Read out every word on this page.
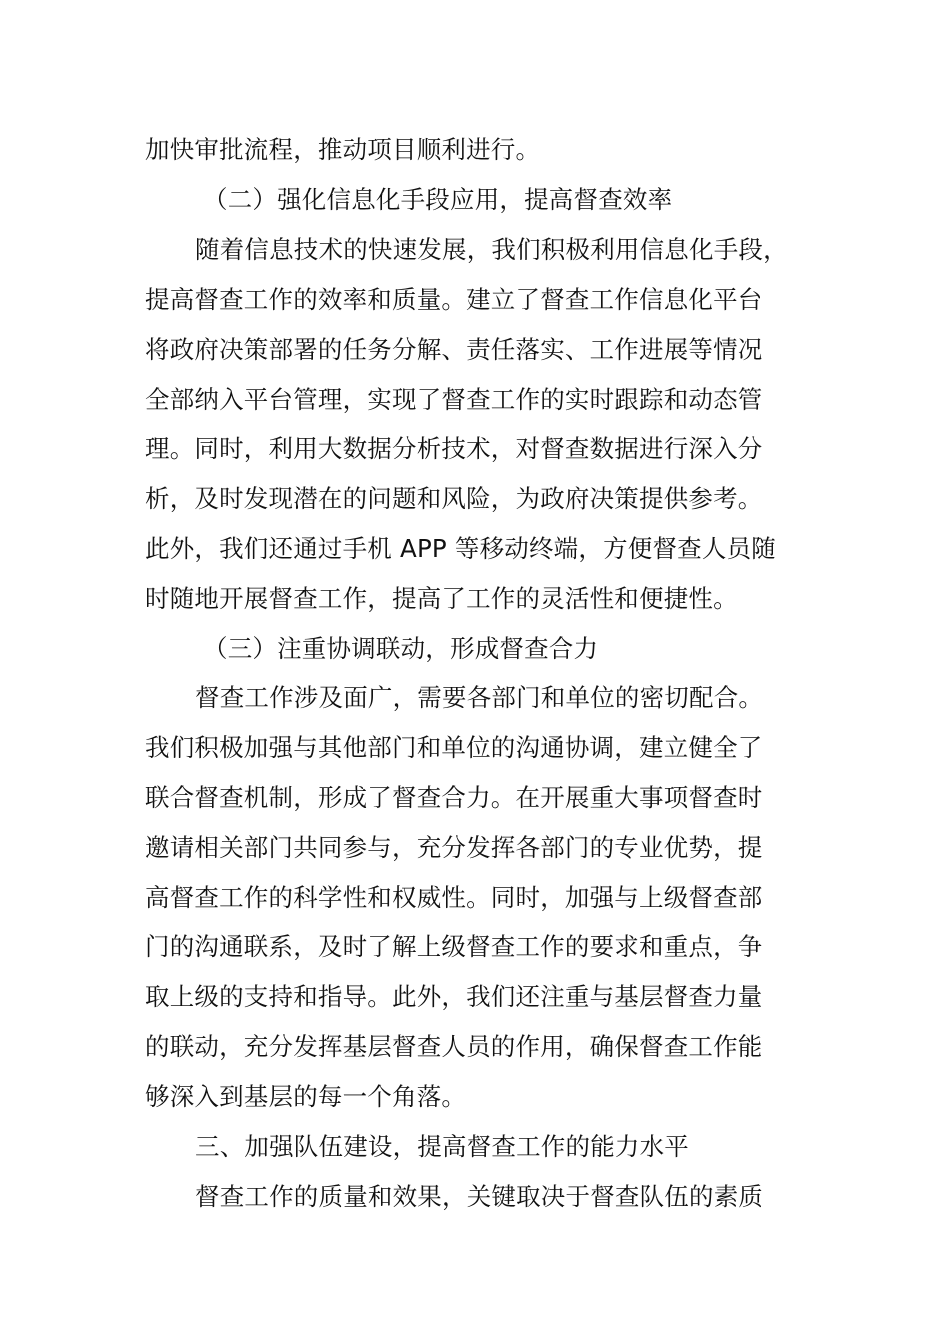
加快审批流程，推动项目顺利进行。
（二）强化信息化手段应用，提高督查效率
随着信息技术的快速发展，我们积极利用信息化手段，
提高督查工作的效率和质量。建立了督查工作信息化平台
将政府决策部署的任务分解、责任落实、工作进展等情况
全部纳入平台管理，实现了督查工作的实时跟踪和动态管
理。同时，利用大数据分析技术，对督查数据进行深入分
析，及时发现潜在的问题和风险，为政府决策提供参考。
此外，我们还通过手机 APP 等移动终端，方便督查人员随
时随地开展督查工作，提高了工作的灵活性和便捷性。
（三）注重协调联动，形成督查合力
督查工作涉及面广，需要各部门和单位的密切配合。
我们积极加强与其他部门和单位的沟通协调，建立健全了
联合督查机制，形成了督查合力。在开展重大事项督查时
邀请相关部门共同参与，充分发挥各部门的专业优势，提
高督查工作的科学性和权威性。同时，加强与上级督查部
门的沟通联系，及时了解上级督查工作的要求和重点，争
取上级的支持和指导。此外，我们还注重与基层督查力量
的联动，充分发挥基层督查人员的作用，确保督查工作能
够深入到基层的每一个角落。
三、加强队伍建设，提高督查工作的能力水平
督查工作的质量和效果，关键取决于督查队伍的素质
